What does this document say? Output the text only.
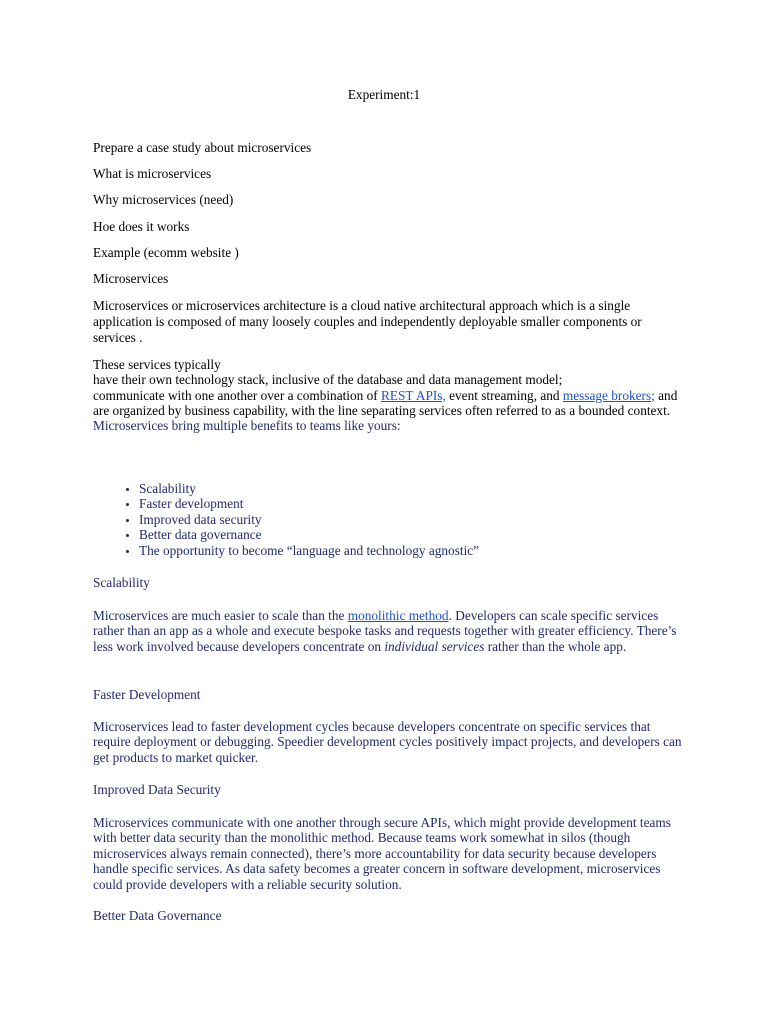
Experiment:1

Prepare a case study about microservices

What is microservices

Why microservices (need)

Hoe does it works

Example (ecomm website )

Microservices

Microservices or microservices architecture is a cloud native architectural approach which is a single application is composed of many loosely couples and independently deployable smaller components or services .

These services typically
have their own technology stack, inclusive of the database and data management model;
communicate with one another over a combination of REST APIs, event streaming, and message brokers; and
are organized by business capability, with the line separating services often referred to as a bounded context.
Microservices bring multiple benefits to teams like yours:
• Scalability
• Faster development
• Improved data security
• Better data governance
• The opportunity to become “language and technology agnostic”

Scalability

Microservices are much easier to scale than the monolithic method. Developers can scale specific services rather than an app as a whole and execute bespoke tasks and requests together with greater efficiency. There’s less work involved because developers concentrate on individual services rather than the whole app.

Faster Development

Microservices lead to faster development cycles because developers concentrate on specific services that require deployment or debugging. Speedier development cycles positively impact projects, and developers can get products to market quicker.

Improved Data Security

Microservices communicate with one another through secure APIs, which might provide development teams with better data security than the monolithic method. Because teams work somewhat in silos (though microservices always remain connected), there’s more accountability for data security because developers handle specific services. As data safety becomes a greater concern in software development, microservices could provide developers with a reliable security solution.

Better Data Governance
